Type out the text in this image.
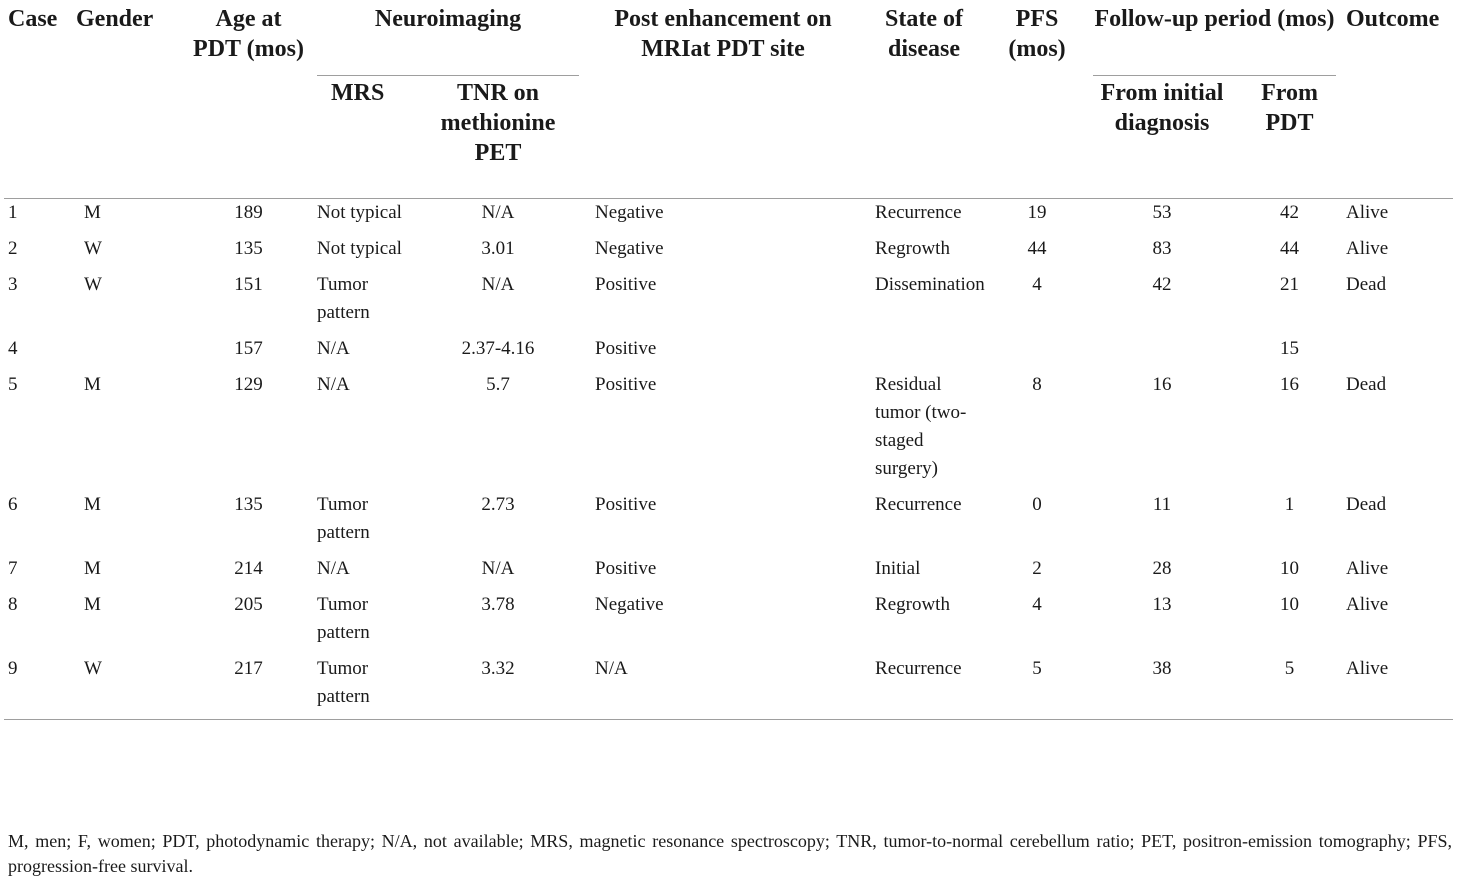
Case	Gender	Age at PDT (mos)	Neuroimaging		Post enhancement on MRIat PDT site	State of disease	PFS (mos)	Follow-up period (mos)		Outcome
			MRS	TNR on methionine PET				From initial diagnosis	From PDT	
1	M	189	Not typical	N/A	Negative	Recurrence	19	53	42	Alive
2	W	135	Not typical	3.01	Negative	Regrowth	44	83	44	Alive
3	W	151	Tumor pattern	N/A	Positive	Dissemination	4	42	21	Dead
4		157	N/A	2.37-4.16	Positive				15	
5	M	129	N/A	5.7	Positive	Residual tumor (two-staged surgery)	8	16	16	Dead
6	M	135	Tumor pattern	2.73	Positive	Recurrence	0	11	1	Dead
7	M	214	N/A	N/A	Positive	Initial	2	28	10	Alive
8	M	205	Tumor pattern	3.78	Negative	Regrowth	4	13	10	Alive
9	W	217	Tumor pattern	3.32	N/A	Recurrence	5	38	5	Alive
M, men; F, women; PDT, photodynamic therapy; N/A, not available; MRS, magnetic resonance spectroscopy; TNR, tumor-to-normal cerebellum ratio; PET, positron-emission tomography; PFS, progression-free survival.
